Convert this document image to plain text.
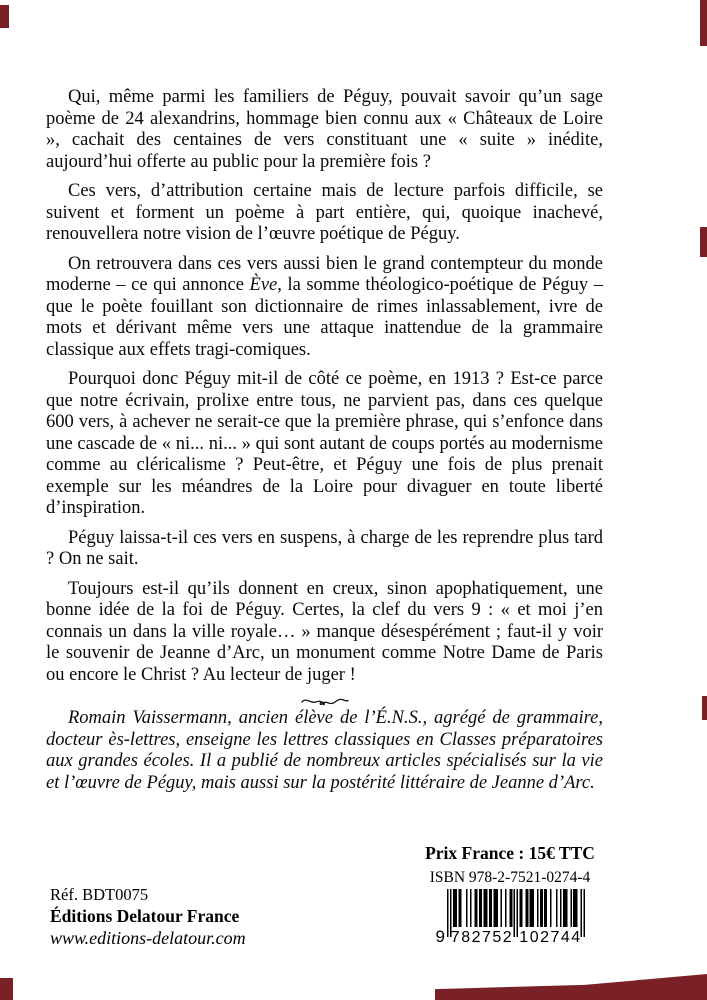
Qui, même parmi les familiers de Péguy, pouvait savoir qu’un sage poème de 24 alexandrins, hommage bien connu aux « Châteaux de Loire », cachait des centaines de vers constituant une « suite » inédite, aujourd’hui offerte au public pour la première fois ?

Ces vers, d’attribution certaine mais de lecture parfois difficile, se suivent et forment un poème à part entière, qui, quoique inachevé, renouvellera notre vision de l’œuvre poétique de Péguy.

On retrouvera dans ces vers aussi bien le grand contempteur du monde moderne – ce qui annonce Ève, la somme théologico-poétique de Péguy – que le poète fouillant son dictionnaire de rimes inlassablement, ivre de mots et dérivant même vers une attaque inattendue de la grammaire classique aux effets tragi-comiques.

Pourquoi donc Péguy mit-il de côté ce poème, en 1913 ? Est-ce parce que notre écrivain, prolixe entre tous, ne parvient pas, dans ces quelque 600 vers, à achever ne serait-ce que la première phrase, qui s’enfonce dans une cascade de « ni... ni... » qui sont autant de coups portés au modernisme comme au cléricalisme ? Peut-être, et Péguy une fois de plus prenait exemple sur les méandres de la Loire pour divaguer en toute liberté d’inspiration.

Péguy laissa-t-il ces vers en suspens, à charge de les reprendre plus tard ? On ne sait.

Toujours est-il qu’ils donnent en creux, sinon apophatiquement, une bonne idée de la foi de Péguy. Certes, la clef du vers 9 : « et moi j’en connais un dans la ville royale… » manque désespérément ; faut-il y voir le souvenir de Jeanne d’Arc, un monument comme Notre Dame de Paris ou encore le Christ ? Au lecteur de juger !

Romain Vaissermann, ancien élève de l’É.N.S., agrégé de grammaire, docteur ès-lettres, enseigne les lettres classiques en Classes préparatoires aux grandes écoles. Il a publié de nombreux articles spécialisés sur la vie et l’œuvre de Péguy, mais aussi sur la postérité littéraire de Jeanne d’Arc.

Prix France : 15€ TTC
ISBN 978-2-7521-0274-4
9 782752 102744
Réf. BDT0075
Éditions Delatour France
www.editions-delatour.com
